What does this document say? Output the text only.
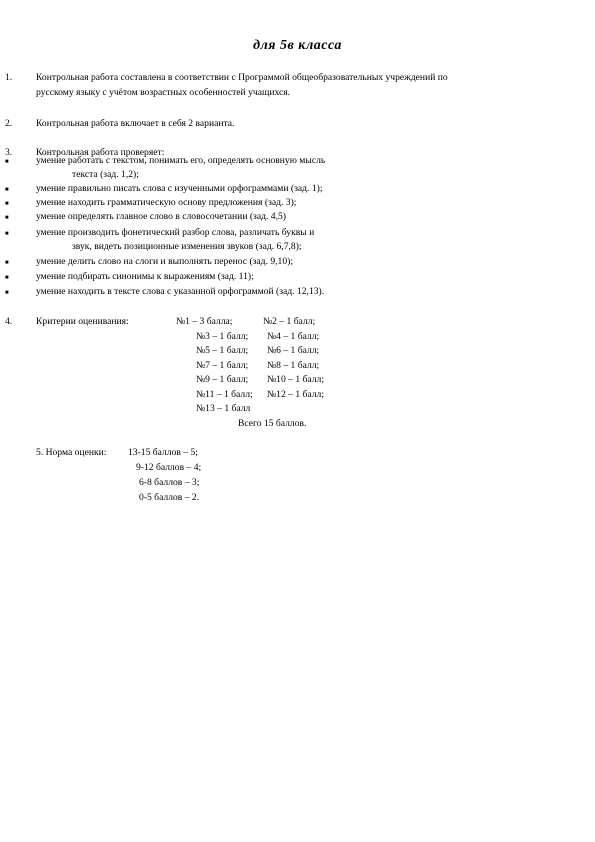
для 5в класса
1. Контрольная работа составлена в соответствии с Программой общеобразовательных учреждений по
русскому языку с учётом возрастных особенностей учащихся.
2. Контрольная работа включает в себя 2 варианта.
3. Контрольная работа проверяет:
■	умение работать с текстом, понимать его, определять основную мысль
текста (зад. 1,2);
■	умение правильно писать слова с изученными орфограммами (зад. 1);
■	умение находить грамматическую основу предложения (зад. 3);
■	умение определять главное слово в словосочетании (зад. 4,5)
■	умение производить фонетический разбор слова, различать буквы и
звук, видеть позиционные изменения звуков (зад. 6,7,8);
■	умение делить слово на слоги и выполнять перенос (зад. 9,10);
■	умение подбирать синонимы к выражениям (зад. 11);
■	умение находить в тексте слова с указанной орфограммой (зад. 12,13).
4. Критерии оценивания:	№1 – 3 балла;	№2 – 1 балл;
№3 – 1 балл; №4 – 1 балл;
№5 – 1 балл; №6 – 1 балл;
№7 – 1 балл; №8 – 1 балл;
№9 – 1 балл; №10 – 1 балл;
№11 – 1 балл; №12 – 1 балл;
№13 – 1 балл
Всего 15 баллов.
5. Норма оценки: 13-15 баллов – 5;
9-12 баллов – 4;
6-8 баллов – 3;
0-5 баллов – 2.
